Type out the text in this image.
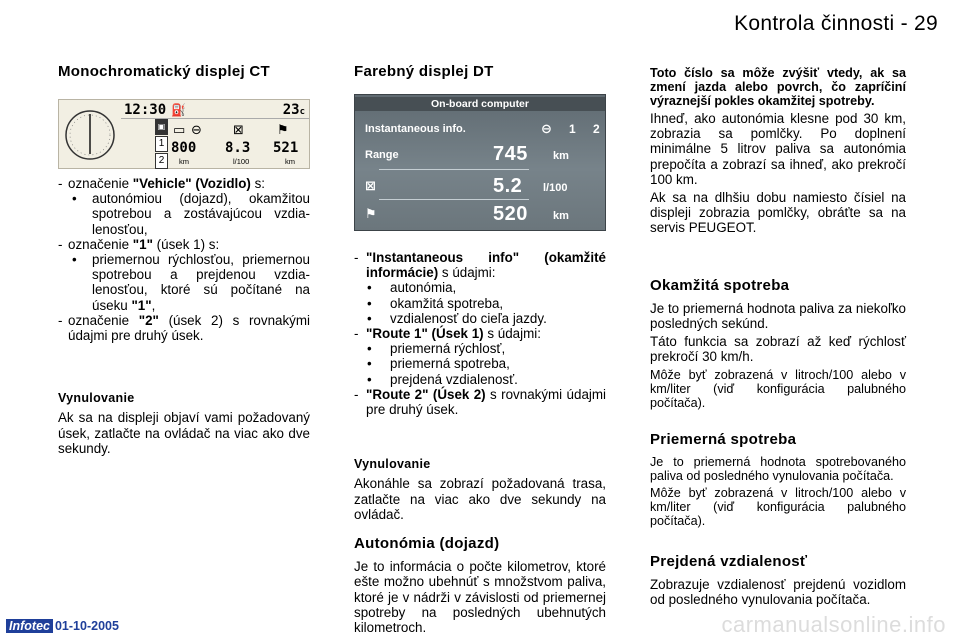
Kontrola činnosti - 29
Monochromatický displej CT
12:30 ⛽	23c
▣
1
2
▭ ⊖ ⊠	⚑
800 8.3 521
km	l/100	km
- označenie "Vehicle" (Vozidlo) s:
• autonómiou (dojazd), okamžitou spotrebou a zostávajúcou vzdialenosťou,
- označenie "1" (úsek 1) s:
• priemernou rýchlosťou, priemernou spotrebou a prejdenou vzdialenosťou, ktoré sú počítané na úseku "1",
- označenie "2" (úsek 2) s rovnakými údajmi pre druhý úsek.
Vynulovanie

Ak sa na displeji objaví vami požadovaný úsek, zatlačte na ovládač na viac ako dve sekundy.

Farebný displej DT
On-board computer
Instantaneous info.	⊖ 1 2
Range	745 km
⊠	5.2 l/100
⚑	520 km
- "Instantaneous info" (okamžité informácie) s údajmi:
• autonómia,
• okamžitá spotreba,
• vzdialenosť do cieľa jazdy.
- "Route 1" (Úsek 1) s údajmi:
• priemerná rýchlosť,
• priemerná spotreba,
• prejdená vzdialenosť.
- "Route 2" (Úsek 2) s rovnakými údajmi pre druhý úsek.
Vynulovanie

Akonáhle sa zobrazí požadovaná trasa, zatlačte na viac ako dve sekundy na ovládač.

Autonómia (dojazd)

Je to informácia o počte kilometrov, ktoré ešte možno ubehnúť s množstvom paliva, ktoré je v nádrži v závislosti od priemernej spotreby na posledných ubehnutých kilometroch.

Toto číslo sa môže zvýšiť vtedy, ak sa zmení jazda alebo povrch, čo zapríčiní výraznejší pokles okamžitej spotreby.

Ihneď, ako autonómia klesne pod 30 km, zobrazia sa pomlčky. Po doplnení minimálne 5 litrov paliva sa autonómia prepočíta a zobrazí sa ihneď, ako prekročí 100 km.

Ak sa na dlhšiu dobu namiesto čísiel na displeji zobrazia pomlčky, obráťte sa na servis PEUGEOT.

Okamžitá spotreba

Je to priemerná hodnota paliva za niekoľko posledných sekúnd.

Táto funkcia sa zobrazí až keď rýchlosť prekročí 30 km/h.

Môže byť zobrazená v litroch/100 alebo v km/liter (viď konfigurácia palubného počítača).

Priemerná spotreba

Je to priemerná hodnota spotrebovaného paliva od posledného vynulovania počítača.

Môže byť zobrazená v litroch/100 alebo v km/liter (viď konfigurácia palubného počítača).

Prejdená vzdialenosť

Zobrazuje vzdialenosť prejdenú vozidlom od posledného vynulovania počítača.

Infotec 01-10-2005	carmanualsonline.info
